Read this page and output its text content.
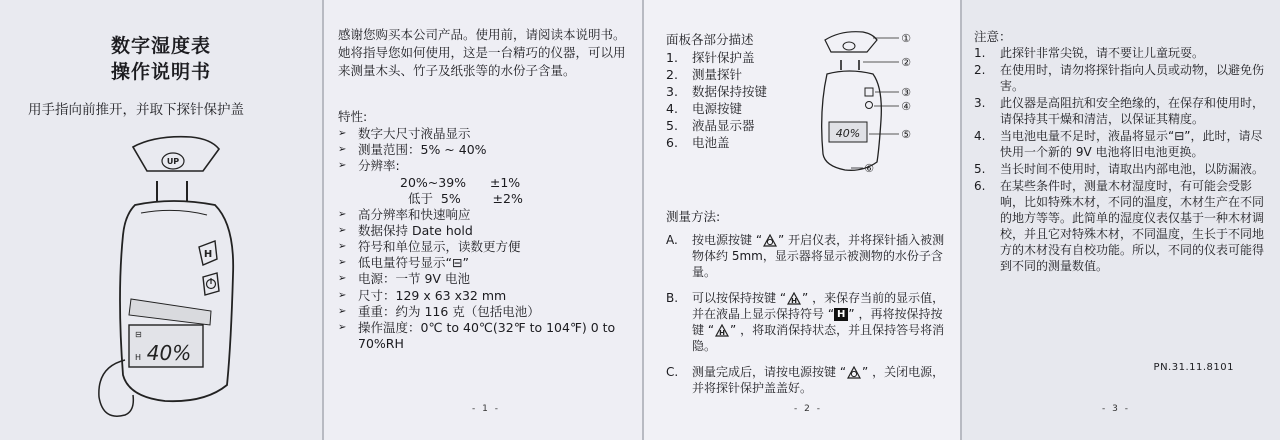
数字湿度表
操作说明书
用手指向前推开，并取下探针保护盖
UP
H
⊟
H 40%
感谢您购买本公司产品。使用前，请阅读本说明书。她将指导您如何使用，这是一台精巧的仪器，可以用来测量木头、竹子及纸张等的水份子含量。
特性:
➢ 数字大尺寸液晶显示
➢ 测量范围：5% ~ 40%
➢ 分辨率:
20%~39%      ±1%
低于  5%        ±2%
➢ 高分辨率和快速响应
➢ 数据保持 Date hold
➢ 符号和单位显示，读数更方便
➢ 低电量符号显示“⊟”
➢ 电源：一节 9V 电池
➢ 尺寸：129 x 63 x32 mm
➢ 重重：约为 116 克（包括电池）
➢ 操作温度：0℃ to 40℃(32℉ to 104℉) 0 to 70%RH
- 1 -
面板各部分描述
1.	探针保护盖
2.	测量探针
3.	数据保持按键
4.	电源按键
5.	液晶显示器
6.	电池盖
①
②
③
④
40%	⑤
⑥
测量方法:
A.	按电源按键 “ ” 开启仪表，并将探针插入被测物体约 5mm，显示器将显示被测物的水份子含量。
B.	可以按保持按键 “ H ” ，来保存当前的显示值，并在液晶上显示保持符号 “ H ” ，再将按保持按键 “ H ” ，将取消保持状态，并且保持答号将消隐。
C.	测量完成后，请按电源按键 “ ” ，关闭电源，并将探针保护盖盖好。
- 2 -
注意：
1.	此探针非常尖锐，请不要让儿童玩耍。
2.	在使用时，请勿将探针指向人员或动物，以避免伤害。
3.	此仪器是高阻抗和安全绝缘的，在保存和使用时，请保持其干燥和清洁，以保证其精度。
4.	当电池电量不足时，液晶将显示“⊟”，此时，请尽快用一个新的 9V 电池将旧电池更换。
5.	当长时间不使用时，请取出内部电池，以防漏液。
6.	在某些条件时，测量木材湿度时，有可能会受影响，比如特殊木材，不同的温度，木材生产在不同的地方等等。此简单的湿度仪表仅基于一种木材调校，并且它对特殊木材，不同温度，生长于不同地方的木材没有自校功能。所以，不同的仪表可能得到不同的测量数值。
PN.31.11.8101
- 3 -
